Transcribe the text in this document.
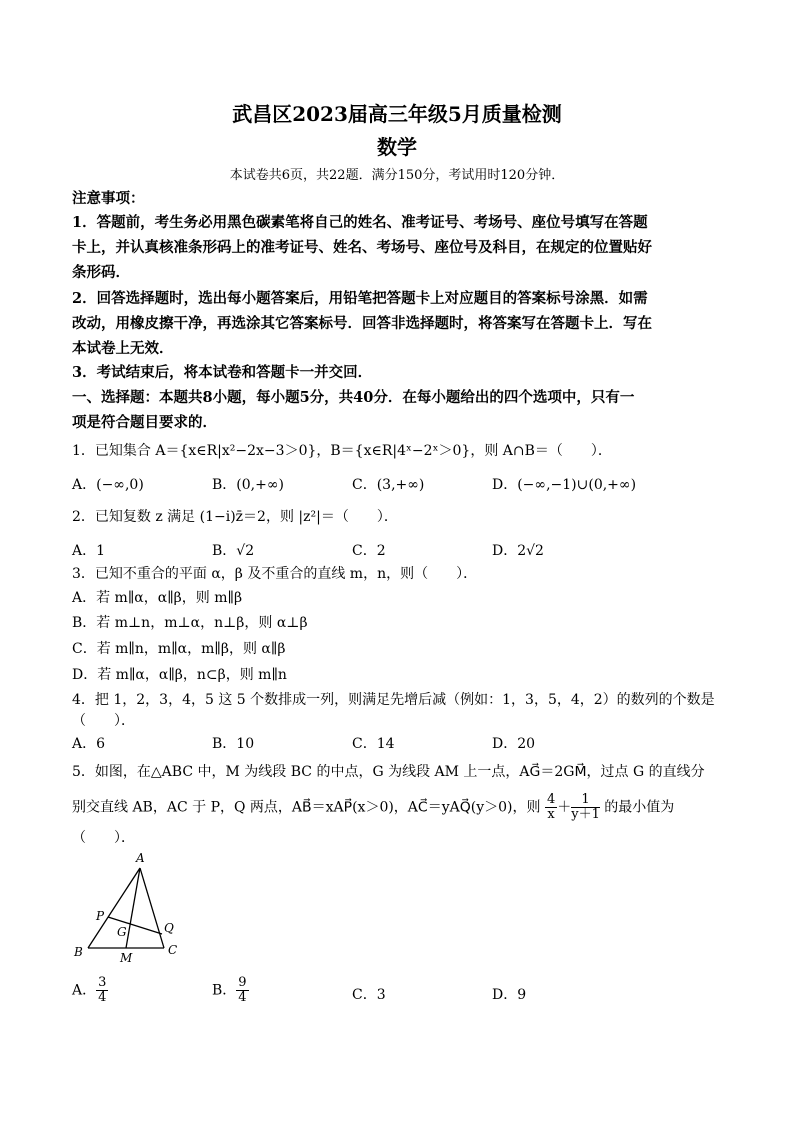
武昌区2023届高三年级5月质量检测
数学
本试卷共6页，共22题．满分150分，考试用时120分钟．
注意事项：
1．答题前，考生务必用黑色碳素笔将自己的姓名、准考证号、考场号、座位号填写在答题
卡上，并认真核准条形码上的准考证号、姓名、考场号、座位号及科目，在规定的位置贴好
条形码．
2．回答选择题时，选出每小题答案后，用铅笔把答题卡上对应题目的答案标号涂黑．如需
改动，用橡皮擦干净，再选涂其它答案标号．回答非选择题时，将答案写在答题卡上．写在
本试卷上无效．
3．考试结束后，将本试卷和答题卡一并交回．
一、选择题：本题共8小题，每小题5分，共40分．在每小题给出的四个选项中，只有一
项是符合题目要求的．
1．已知集合 A＝{x∈R|x²−2x−3＞0}，B＝{x∈R|4ˣ−2ˣ＞0}，则 A∩B＝（　　）．
A．(−∞,0)	B．(0,+∞)	C．(3,+∞)	D．(−∞,−1)∪(0,+∞)
2．已知复数 z 满足 (1−i)z̄＝2，则 |z²|＝（　　）．
A．1	B．√2	C．2	D．2√2
3．已知不重合的平面 α，β 及不重合的直线 m，n，则（　　）．
A．若 m∥α，α∥β，则 m∥β
B．若 m⊥n，m⊥α，n⊥β，则 α⊥β
C．若 m∥n，m∥α，m∥β，则 α∥β
D．若 m∥α，α∥β，n⊂β，则 m∥n
4．把 1，2，3，4，5 这 5 个数排成一列，则满足先增后减（例如：1，3，5，4，2）的数列的个数是
（　　）．
A．6	B．10	C．14	D．20
5．如图，在△ABC 中，M 为线段 BC 的中点，G 为线段 AM 上一点，AG⃗＝2GM⃗，过点 G 的直线分
别交直线 AB，AC 于 P，Q 两点，AB⃗＝xAP⃗(x＞0)，AC⃗＝yAQ⃗(y＞0)，则 $\frac{4}{x} + \frac{1}{y+1}$ 的最小值为
（　　）．
A
P
G	Q
B	M
C
A． $\frac{3}{4}$	B． $\frac{9}{4}$	C．3	D．9
